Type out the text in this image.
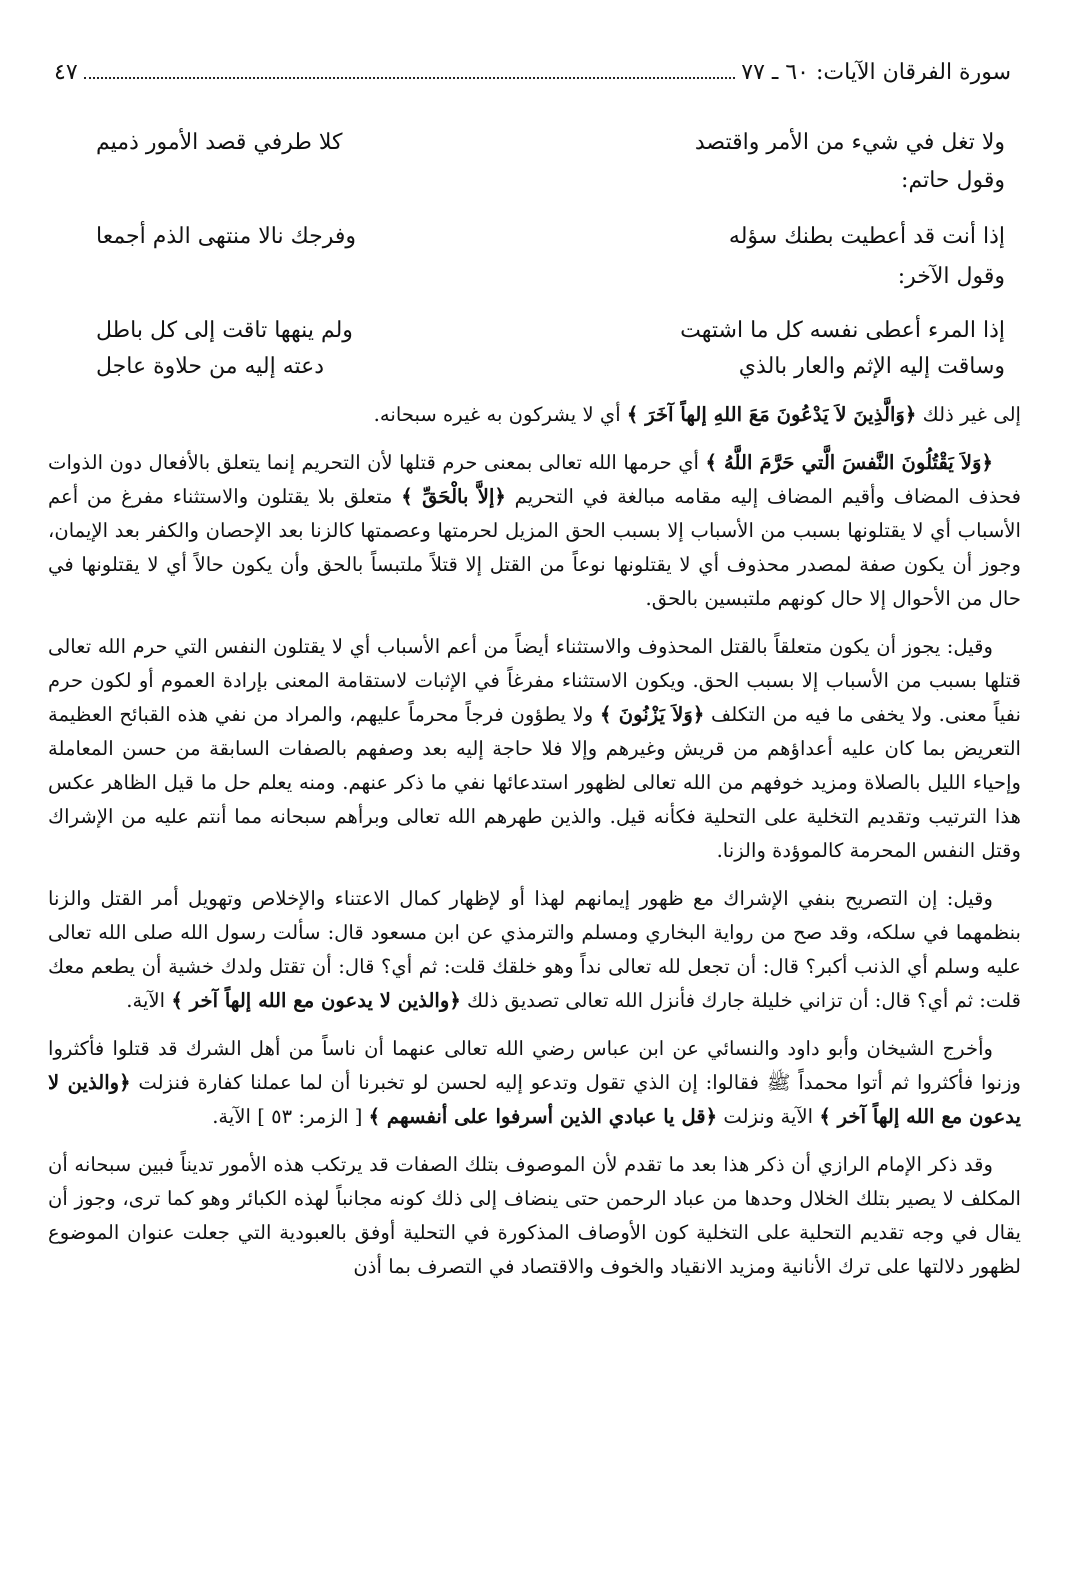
سورة الفرقان الآيات: ٦٠ ـ ٧٧
٤٧
ولا تغل في شيء من الأمر واقتصد
كلا طرفي قصد الأمور ذميم
وقول حاتم:
إذا أنت قد أعطيت بطنك سؤله
وفرجك نالا منتهى الذم أجمعا
وقول الآخر:
إذا المرء أعطى نفسه كل ما اشتهت
ولم ينهها تاقت إلى كل باطل
وساقت إليه الإثم والعار بالذي
دعته إليه من حلاوة عاجل

إلى غير ذلك ﴿وَالَّذِينَ لاَ يَدْعُونَ مَعَ اللهِ إلهاً آخَرَ ﴾ أي لا يشركون به غيره سبحانه.

﴿وَلاَ يَقْتُلُونَ النَّفسَ الَّتي حَرَّمَ اللَّهُ ﴾ أي حرمها الله تعالى بمعنى حرم قتلها لأن التحريم إنما يتعلق بالأفعال دون الذوات فحذف المضاف وأقيم المضاف إليه مقامه مبالغة في التحريم ﴿إلاَّ بالْحَقِّ ﴾ متعلق بلا يقتلون والاستثناء مفرغ من أعم الأسباب أي لا يقتلونها بسبب من الأسباب إلا بسبب الحق المزيل لحرمتها وعصمتها كالزنا بعد الإحصان والكفر بعد الإيمان، وجوز أن يكون صفة لمصدر محذوف أي لا يقتلونها نوعاً من القتل إلا قتلاً ملتبساً بالحق وأن يكون حالاً أي لا يقتلونها في حال من الأحوال إلا حال كونهم ملتبسين بالحق.

وقيل: يجوز أن يكون متعلقاً بالقتل المحذوف والاستثناء أيضاً من أعم الأسباب أي لا يقتلون النفس التي حرم الله تعالى قتلها بسبب من الأسباب إلا بسبب الحق. ويكون الاستثناء مفرغاً في الإثبات لاستقامة المعنى بإرادة العموم أو لكون حرم نفياً معنى. ولا يخفى ما فيه من التكلف ﴿وَلاَ يَزْنُونَ ﴾ ولا يطؤون فرجاً محرماً عليهم، والمراد من نفي هذه القبائح العظيمة التعريض بما كان عليه أعداؤهم من قريش وغيرهم وإلا فلا حاجة إليه بعد وصفهم بالصفات السابقة من حسن المعاملة وإحياء الليل بالصلاة ومزيد خوفهم من الله تعالى لظهور استدعائها نفي ما ذكر عنهم. ومنه يعلم حل ما قيل الظاهر عكس هذا الترتيب وتقديم التخلية على التحلية فكأنه قيل. والذين طهرهم الله تعالى وبرأهم سبحانه مما أنتم عليه من الإشراك وقتل النفس المحرمة كالموؤدة والزنا.

وقيل: إن التصريح بنفي الإشراك مع ظهور إيمانهم لهذا أو لإظهار كمال الاعتناء والإخلاص وتهويل أمر القتل والزنا بنظمهما في سلكه، وقد صح من رواية البخاري ومسلم والترمذي عن ابن مسعود قال: سألت رسول الله صلى الله تعالى عليه وسلم أي الذنب أكبر؟ قال: أن تجعل لله تعالى نداً وهو خلقك قلت: ثم أي؟ قال: أن تقتل ولدك خشية أن يطعم معك قلت: ثم أي؟ قال: أن تزاني خليلة جارك فأنزل الله تعالى تصديق ذلك ﴿والذين لا يدعون مع الله إلهاً آخر ﴾ الآية.

وأخرج الشيخان وأبو داود والنسائي عن ابن عباس رضي الله تعالى عنهما أن ناساً من أهل الشرك قد قتلوا فأكثروا وزنوا فأكثروا ثم أتوا محمداً ﷺ فقالوا: إن الذي تقول وتدعو إليه لحسن لو تخبرنا أن لما عملنا كفارة فنزلت ﴿والذين لا يدعون مع الله إلهاً آخر ﴾ الآية ونزلت ﴿قل يا عبادي الذين أسرفوا على أنفسهم ﴾ [ الزمر: ٥٣ ] الآية.

وقد ذكر الإمام الرازي أن ذكر هذا بعد ما تقدم لأن الموصوف بتلك الصفات قد يرتكب هذه الأمور تديناً فبين سبحانه أن المكلف لا يصير بتلك الخلال وحدها من عباد الرحمن حتى ينضاف إلى ذلك كونه مجانباً لهذه الكبائر وهو كما ترى، وجوز أن يقال في وجه تقديم التحلية على التخلية كون الأوصاف المذكورة في التحلية أوفق بالعبودية التي جعلت عنوان الموضوع لظهور دلالتها على ترك الأنانية ومزيد الانقياد والخوف والاقتصاد في التصرف بما أذن
